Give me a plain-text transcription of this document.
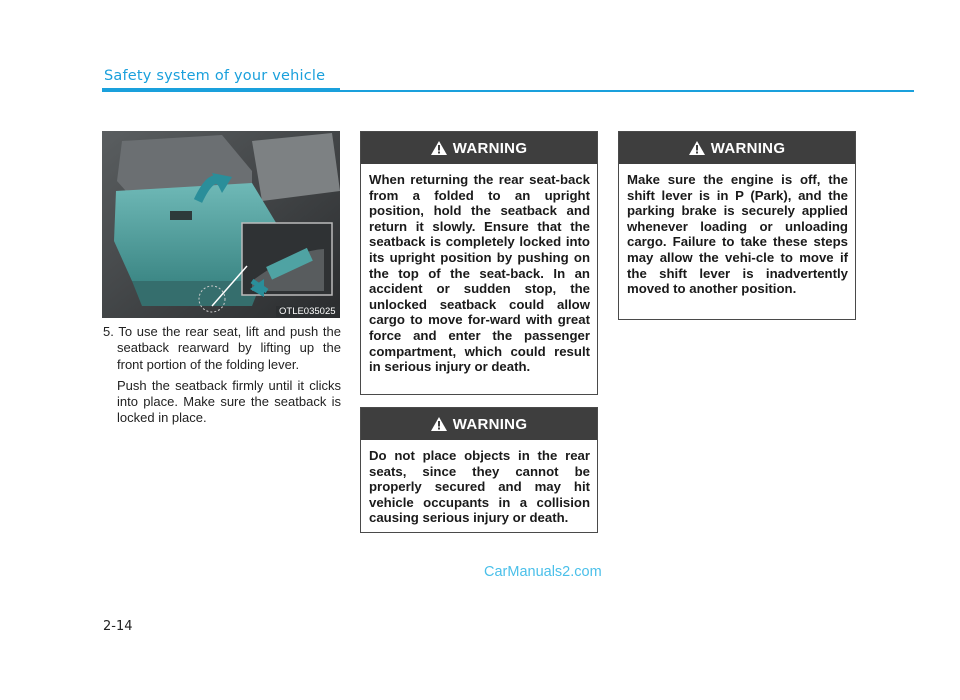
Safety system of your vehicle
OTLE035025

5. To use the rear seat, lift and push the seatback rearward by lifting up the front portion of the folding lever.

Push the seatback firmly until it clicks into place. Make sure the seatback is locked in place.

WARNING
When returning the rear seat-back from a folded to an upright position, hold the seatback and return it slowly. Ensure that the seatback is completely locked into its upright position by pushing on the top of the seat-back. In an accident or sudden stop, the unlocked seatback could allow cargo to move for-ward with great force and enter the passenger compartment, which could result in serious injury or death.
WARNING
Do not place objects in the rear seats, since they cannot be properly secured and may hit vehicle occupants in a collision causing serious injury or death.
WARNING
Make sure the engine is off, the shift lever is in P (Park), and the parking brake is securely applied whenever loading or unloading cargo. Failure to take these steps may allow the vehi-cle to move if the shift lever is inadvertently moved to another position.
CarManuals2.com
2-14
